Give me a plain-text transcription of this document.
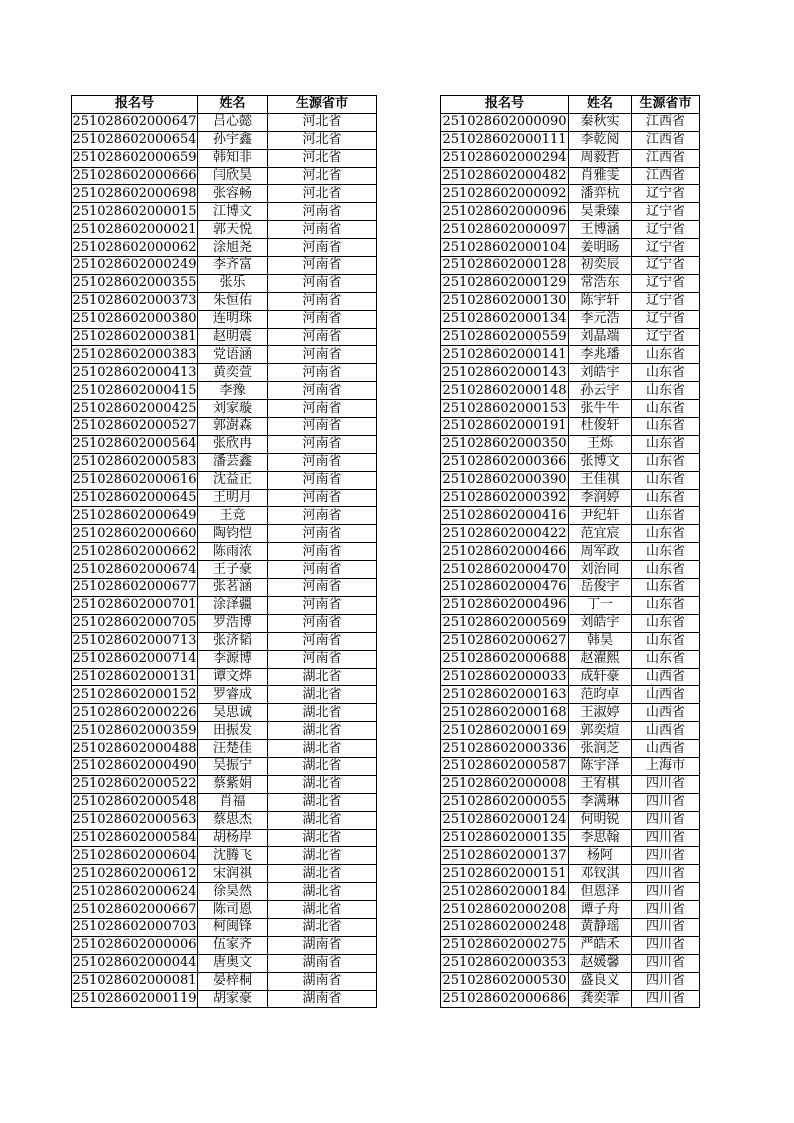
报名号	姓名	生源省市		报名号	姓名	生源省市
251028602000647	吕心懿	河北省		251028602000090	秦秋实	江西省
251028602000654	孙宇鑫	河北省		251028602000111	李乾阅	江西省
251028602000659	韩知非	河北省		251028602000294	周毅哲	江西省
251028602000666	闫欣昊	河北省		251028602000482	肖雅雯	江西省
251028602000698	张容畅	河北省		251028602000092	潘弈杭	辽宁省
251028602000015	江博文	河南省		251028602000096	吴秉臻	辽宁省
251028602000021	郭天悦	河南省		251028602000097	王博涵	辽宁省
251028602000062	涂旭尧	河南省		251028602000104	姜明旸	辽宁省
251028602000249	李齐富	河南省		251028602000128	初奕辰	辽宁省
251028602000355	张乐	河南省		251028602000129	常浩东	辽宁省
251028602000373	朱恒佑	河南省		251028602000130	陈宇轩	辽宁省
251028602000380	连明珠	河南省		251028602000134	李元浩	辽宁省
251028602000381	赵明震	河南省		251028602000559	刘晶端	辽宁省
251028602000383	党语涵	河南省		251028602000141	李兆璠	山东省
251028602000413	黄奕萱	河南省		251028602000143	刘皓宇	山东省
251028602000415	李豫	河南省		251028602000148	孙云宇	山东省
251028602000425	刘家璇	河南省		251028602000153	张牛牛	山东省
251028602000527	郭澍森	河南省		251028602000191	杜俊轩	山东省
251028602000564	张欣冉	河南省		251028602000350	王烁	山东省
251028602000583	潘芸鑫	河南省		251028602000366	张博文	山东省
251028602000616	沈益正	河南省		251028602000390	王佳祺	山东省
251028602000645	王明月	河南省		251028602000392	李润婷	山东省
251028602000649	王竞	河南省		251028602000416	尹纪轩	山东省
251028602000660	陶钧恺	河南省		251028602000422	范宜宸	山东省
251028602000662	陈雨浓	河南省		251028602000466	周军政	山东省
251028602000674	王子豪	河南省		251028602000470	刘治同	山东省
251028602000677	张茗涵	河南省		251028602000476	岳俊宇	山东省
251028602000701	涂泽疆	河南省		251028602000496	丁一	山东省
251028602000705	罗浩博	河南省		251028602000569	刘皓宇	山东省
251028602000713	张济韬	河南省		251028602000627	韩昊	山东省
251028602000714	李源博	河南省		251028602000688	赵濯熙	山东省
251028602000131	谭文烨	湖北省		251028602000033	成轩豪	山西省
251028602000152	罗睿成	湖北省		251028602000163	范昀卓	山西省
251028602000226	吴思诚	湖北省		251028602000168	王淑婷	山西省
251028602000359	田振发	湖北省		251028602000169	郭奕煊	山西省
251028602000488	汪楚佳	湖北省		251028602000336	张润芝	山西省
251028602000490	吴振宁	湖北省		251028602000587	陈宇泽	上海市
251028602000522	蔡紫娟	湖北省		251028602000008	王宥棋	四川省
251028602000548	肖福	湖北省		251028602000055	李满琳	四川省
251028602000563	蔡思杰	湖北省		251028602000124	何明锐	四川省
251028602000584	胡杨岸	湖北省		251028602000135	李思翰	四川省
251028602000604	沈腾飞	湖北省		251028602000137	杨阿	四川省
251028602000612	宋润祺	湖北省		251028602000151	邓钗淇	四川省
251028602000624	徐昊然	湖北省		251028602000184	但恩泽	四川省
251028602000667	陈司恩	湖北省		251028602000208	谭子舟	四川省
251028602000703	柯闽锋	湖北省		251028602000248	黄静瑶	四川省
251028602000006	伍家齐	湖南省		251028602000275	严皓禾	四川省
251028602000044	唐奥文	湖南省		251028602000353	赵媛馨	四川省
251028602000081	晏梓桐	湖南省		251028602000530	盛良义	四川省
251028602000119	胡家豪	湖南省		251028602000686	龚奕霏	四川省
